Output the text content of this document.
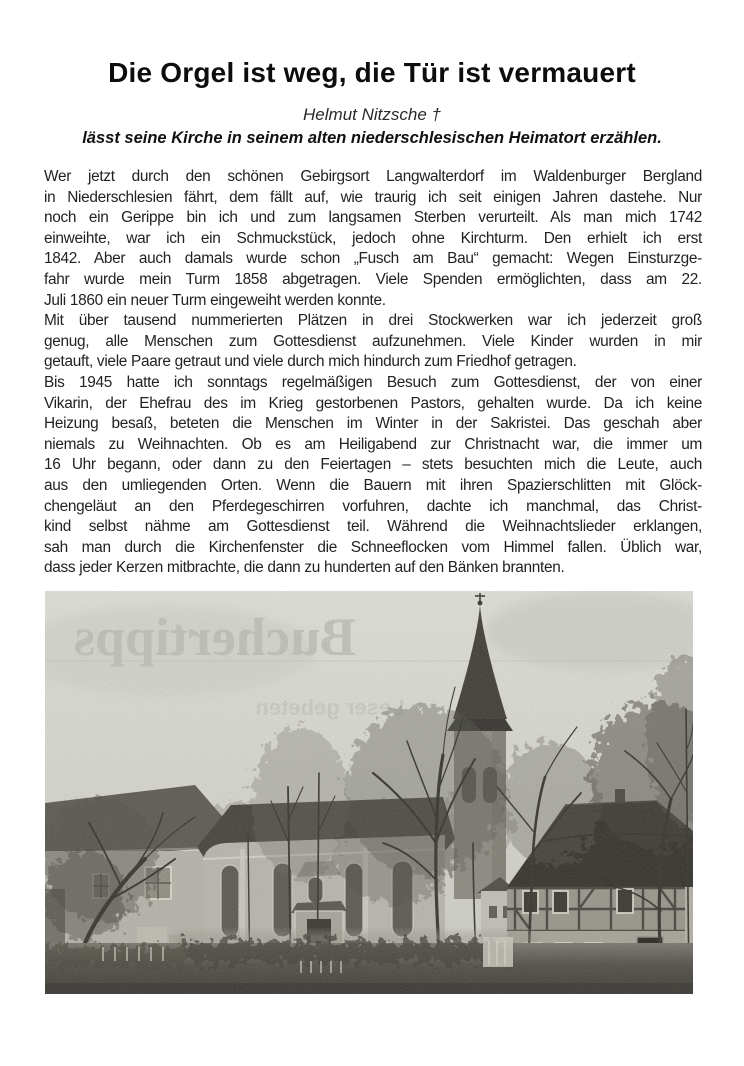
Die Orgel ist weg, die Tür ist vermauert
Helmut Nitzsche †
lässt seine Kirche in seinem alten niederschlesischen Heimatort erzählen.
Wer jetzt durch den schönen Gebirgsort Langwalterdorf im Waldenburger Bergland
in Niederschlesien fährt, dem fällt auf, wie traurig ich seit einigen Jahren dastehe. Nur
noch ein Gerippe bin ich und zum langsamen Sterben verurteilt. Als man mich 1742
einweihte, war ich ein Schmuckstück, jedoch ohne Kirchturm. Den erhielt ich erst
1842. Aber auch damals wurde schon „Fusch am Bau“ gemacht: Wegen Einsturzge-
fahr wurde mein Turm 1858 abgetragen. Viele Spenden ermöglichten, dass am 22.
Juli 1860 ein neuer Turm eingeweiht werden konnte.
Mit über tausend nummerierten Plätzen in drei Stockwerken war ich jederzeit groß
genug, alle Menschen zum Gottesdienst aufzunehmen. Viele Kinder wurden in mir
getauft, viele Paare getraut und viele durch mich hindurch zum Friedhof getragen.
Bis 1945 hatte ich sonntags regelmäßigen Besuch zum Gottesdienst, der von einer
Vikarin, der Ehefrau des im Krieg gestorbenen Pastors, gehalten wurde. Da ich keine
Heizung besaß, beteten die Menschen im Winter in der Sakristei. Das geschah aber
niemals zu Weihnachten. Ob es am Heiligabend zur Christnacht war, die immer um
16 Uhr begann, oder dann zu den Feiertagen – stets besuchten mich die Leute, auch
aus den umliegenden Orten. Wenn die Bauern mit ihren Spazierschlitten mit Glöck-
chengeläut an den Pferdegeschirren vorfuhren, dachte ich manchmal, das Christ-
kind selbst nähme am Gottesdienst teil. Während die Weihnachtslieder erklangen,
sah man durch die Kirchenfenster die Schneeflocken vom Himmel fallen. Üblich war,
dass jeder Kerzen mitbrachte, die dann zu hunderten auf den Bänken brannten.
